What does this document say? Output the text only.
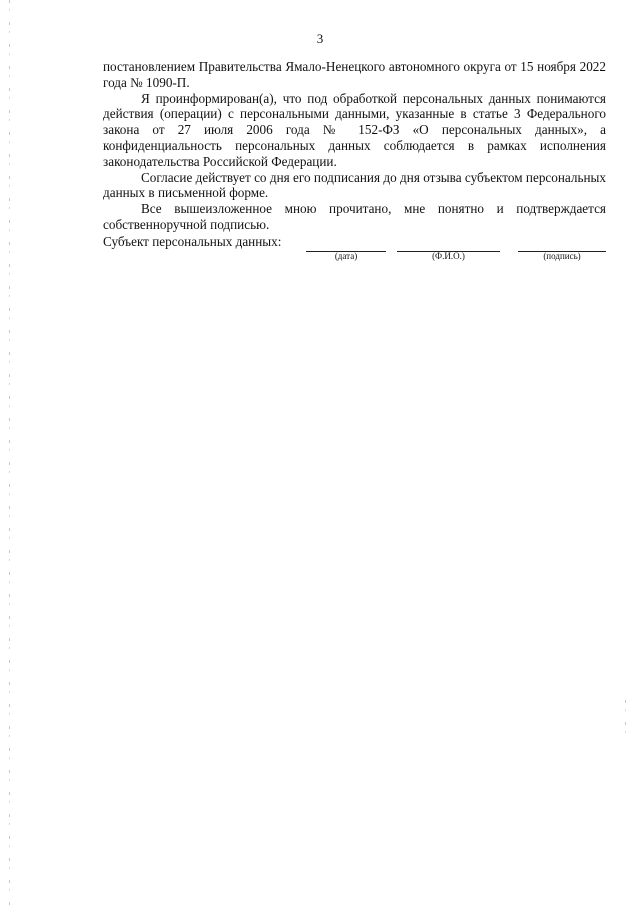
3

постановлением Правительства Ямало-Ненецкого автономного округа от 15 ноября 2022 года № 1090-П.

Я проинформирован(а), что под обработкой персональных данных понимаются действия (операции) с персональными данными, указанные в статье 3 Федерального закона от 27 июля 2006 года № 152-ФЗ «О персональных данных», а конфиденциальность персональных данных соблюдается в рамках исполнения законодательства Российской Федерации.

Согласие действует со дня его подписания до дня отзыва субъектом персональных данных в письменной форме.

Все вышеизложенное мною прочитано, мне понятно и подтверждается собственноручной подписью.

Субъект персональных данных:
(дата)	(Ф.И.О.)	(подпись)
